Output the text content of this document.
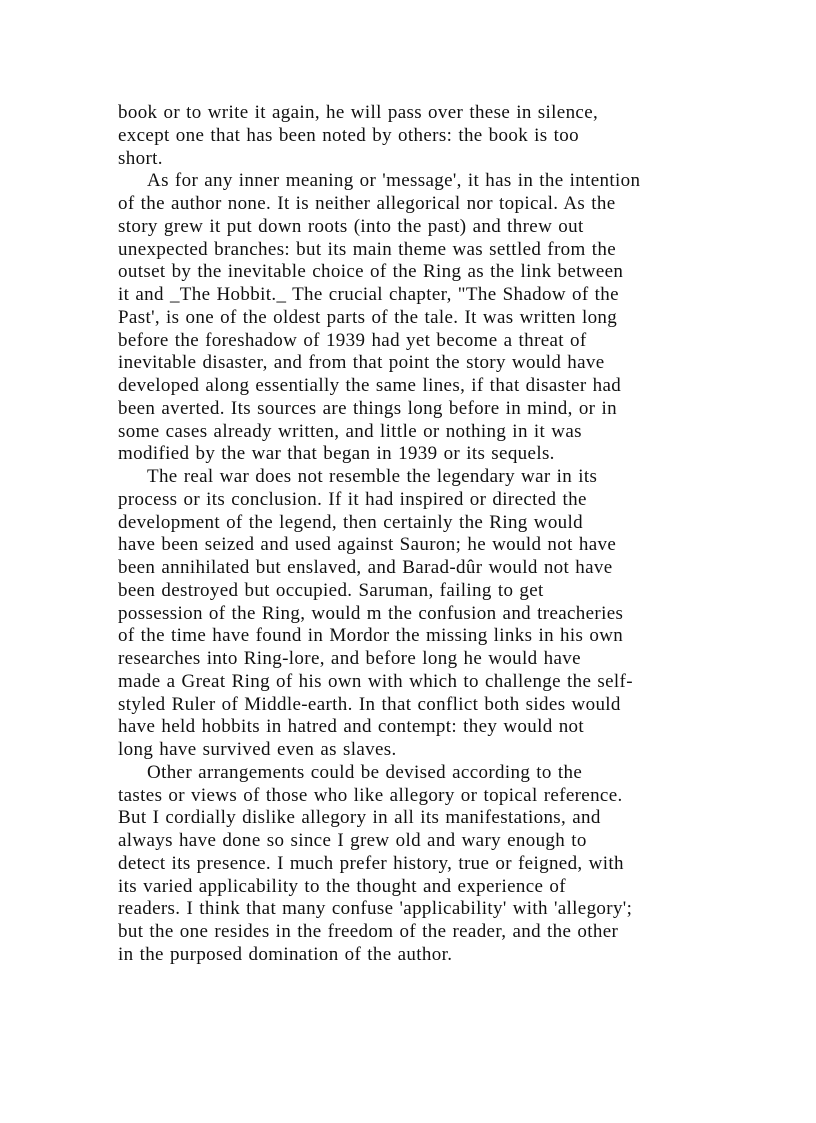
book or to write it again, he will pass over these in silence,
except one that has been noted by others: the book is too
short.
As for any inner meaning or 'message', it has in the intention
of the author none. It is neither allegorical nor topical. As the
story grew it put down roots (into the past) and threw out
unexpected branches: but its main theme was settled from the
outset by the inevitable choice of the Ring as the link between
it and _The Hobbit._ The crucial chapter, "The Shadow of the
Past', is one of the oldest parts of the tale. It was written long
before the foreshadow of 1939 had yet become a threat of
inevitable disaster, and from that point the story would have
developed along essentially the same lines, if that disaster had
been averted. Its sources are things long before in mind, or in
some cases already written, and little or nothing in it was
modified by the war that began in 1939 or its sequels.
The real war does not resemble the legendary war in its
process or its conclusion. If it had inspired or directed the
development of the legend, then certainly the Ring would
have been seized and used against Sauron; he would not have
been annihilated but enslaved, and Barad-dûr would not have
been destroyed but occupied. Saruman, failing to get
possession of the Ring, would m the confusion and treacheries
of the time have found in Mordor the missing links in his own
researches into Ring-lore, and before long he would have
made a Great Ring of his own with which to challenge the self-
styled Ruler of Middle-earth. In that conflict both sides would
have held hobbits in hatred and contempt: they would not
long have survived even as slaves.
Other arrangements could be devised according to the
tastes or views of those who like allegory or topical reference.
But I cordially dislike allegory in all its manifestations, and
always have done so since I grew old and wary enough to
detect its presence. I much prefer history, true or feigned, with
its varied applicability to the thought and experience of
readers. I think that many confuse 'applicability' with 'allegory';
but the one resides in the freedom of the reader, and the other
in the purposed domination of the author.
